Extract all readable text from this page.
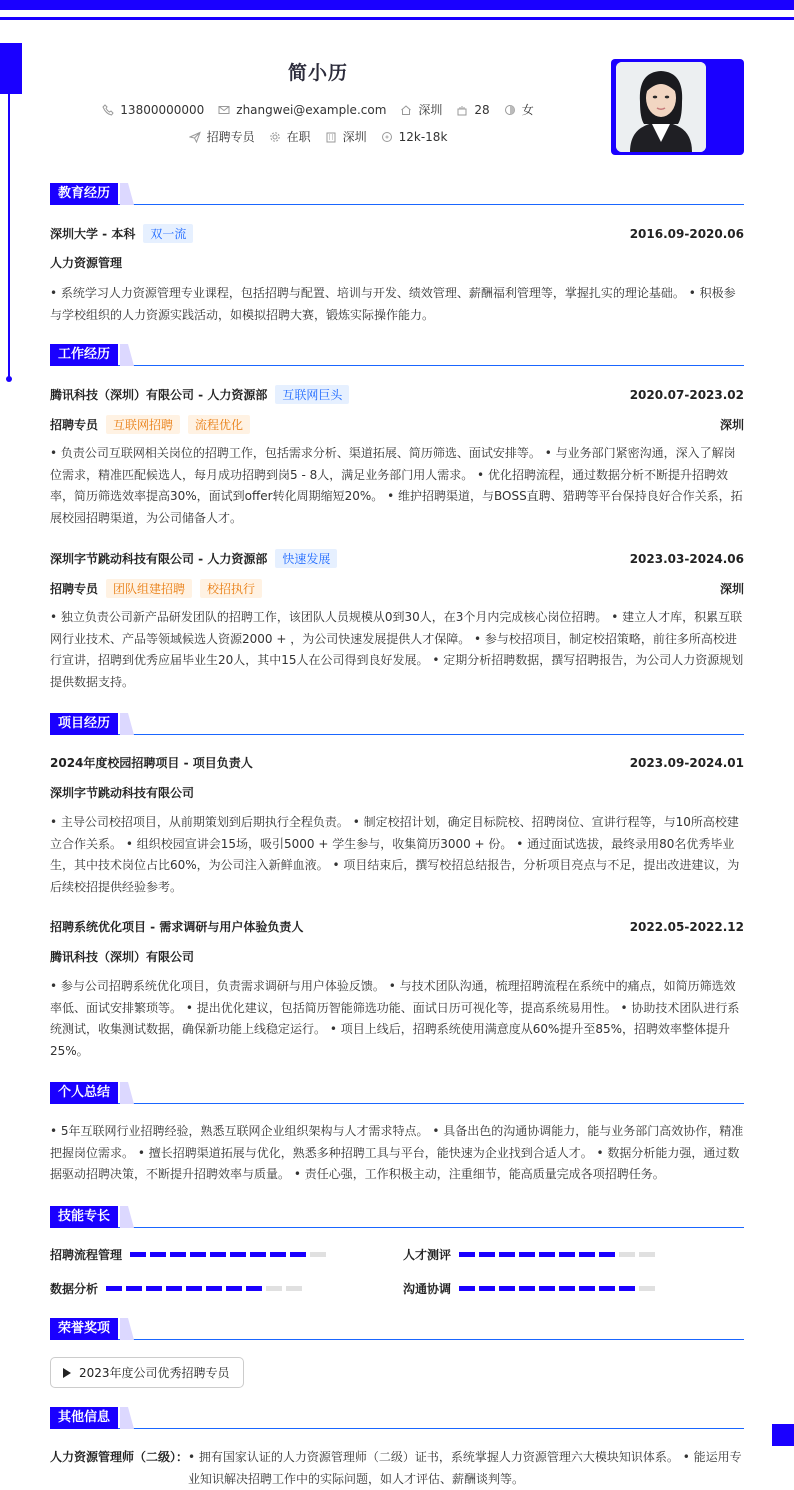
简小历
13800000000	zhangwei@example.com	深圳	28	女
招聘专员	在职	深圳	12k-18k
教育经历
深圳大学 - 本科	双一流	2016.09-2020.06
人力资源管理
• 系统学习人力资源管理专业课程，包括招聘与配置、培训与开发、绩效管理、薪酬福利管理等，掌握扎实的理论基础。 • 积极参与学校组织的人力资源实践活动，如模拟招聘大赛，锻炼实际操作能力。
工作经历
腾讯科技（深圳）有限公司 - 人力资源部	互联网巨头	2020.07-2023.02
招聘专员	互联网招聘	流程优化	深圳
• 负责公司互联网相关岗位的招聘工作，包括需求分析、渠道拓展、简历筛选、面试安排等。 • 与业务部门紧密沟通，深入了解岗位需求，精准匹配候选人，每月成功招聘到岗5 - 8人，满足业务部门用人需求。 • 优化招聘流程，通过数据分析不断提升招聘效率，简历筛选效率提高30%，面试到offer转化周期缩短20%。 • 维护招聘渠道，与BOSS直聘、猎聘等平台保持良好合作关系，拓展校园招聘渠道，为公司储备人才。
深圳字节跳动科技有限公司 - 人力资源部	快速发展	2023.03-2024.06
招聘专员	团队组建招聘	校招执行	深圳
• 独立负责公司新产品研发团队的招聘工作，该团队人员规模从0到30人，在3个月内完成核心岗位招聘。 • 建立人才库，积累互联网行业技术、产品等领域候选人资源2000 + ，为公司快速发展提供人才保障。 • 参与校招项目，制定校招策略，前往多所高校进行宣讲，招聘到优秀应届毕业生20人，其中15人在公司得到良好发展。 • 定期分析招聘数据，撰写招聘报告，为公司人力资源规划提供数据支持。
项目经历
2024年度校园招聘项目 - 项目负责人	2023.09-2024.01
深圳字节跳动科技有限公司
• 主导公司校招项目，从前期策划到后期执行全程负责。 • 制定校招计划，确定目标院校、招聘岗位、宣讲行程等，与10所高校建立合作关系。 • 组织校园宣讲会15场，吸引5000 + 学生参与，收集简历3000 + 份。 • 通过面试选拔，最终录用80名优秀毕业生，其中技术岗位占比60%，为公司注入新鲜血液。 • 项目结束后，撰写校招总结报告，分析项目亮点与不足，提出改进建议，为后续校招提供经验参考。
招聘系统优化项目 - 需求调研与用户体验负责人	2022.05-2022.12
腾讯科技（深圳）有限公司
• 参与公司招聘系统优化项目，负责需求调研与用户体验反馈。 • 与技术团队沟通，梳理招聘流程在系统中的痛点，如简历筛选效率低、面试安排繁琐等。 • 提出优化建议，包括简历智能筛选功能、面试日历可视化等，提高系统易用性。 • 协助技术团队进行系统测试，收集测试数据，确保新功能上线稳定运行。 • 项目上线后，招聘系统使用满意度从60%提升至85%，招聘效率整体提升25%。
个人总结
• 5年互联网行业招聘经验，熟悉互联网企业组织架构与人才需求特点。 • 具备出色的沟通协调能力，能与业务部门高效协作，精准把握岗位需求。 • 擅长招聘渠道拓展与优化，熟悉多种招聘工具与平台，能快速为企业找到合适人才。 • 数据分析能力强，通过数据驱动招聘决策，不断提升招聘效率与质量。 • 责任心强，工作积极主动，注重细节，能高质量完成各项招聘任务。
技能专长
招聘流程管理	人才测评
数据分析	沟通协调
荣誉奖项
2023年度公司优秀招聘专员
其他信息
人力资源管理师（二级）： • 拥有国家认证的人力资源管理师（二级）证书，系统掌握人力资源管理六大模块知识体系。 • 能运用专业知识解决招聘工作中的实际问题，如人才评估、薪酬谈判等。
